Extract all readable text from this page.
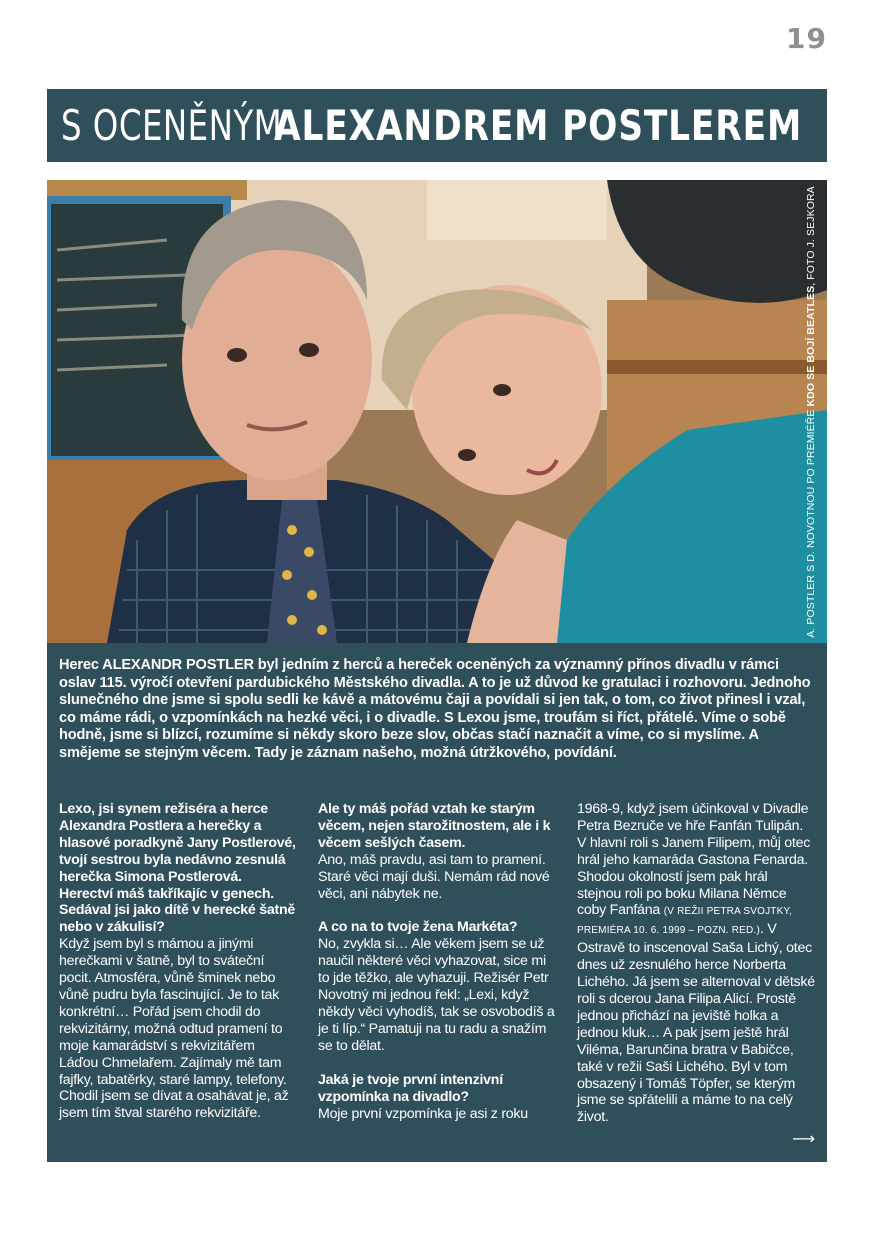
19
S OCENĚNÝM
ALEXANDREM POSTLEREM
A. POSTLER S D. NOVOTNOU PO PREMIÉŘE KDO SE BOJÍ BEATLES, FOTO J. SEJKORA

Herec ALEXANDR POSTLER byl jedním z herců a hereček oceněných za významný přínos divadlu v rámci oslav 115. výročí otevření pardubického Městského divadla. A to je už důvod ke gratulaci i rozhovoru. Jednoho slunečného dne jsme si spolu sedli ke kávě a mátovému čaji a povídali si jen tak, o tom, co život přinesl i vzal, co máme rádi, o vzpomínkách na hezké věci, i o divadle. S Lexou jsme, troufám si říct, přátelé. Víme o sobě hodně, jsme si blízcí, rozumíme si někdy skoro beze slov, občas stačí naznačit a víme, co si myslíme. A smějeme se stejným věcem. Tady je záznam našeho, možná útržkového, povídání.

Lexo, jsi synem režiséra a herce Alexandra Postlera a herečky a hlasové poradkyně Jany Postlerové, tvojí sestrou byla nedávno zesnulá herečka Simona Postlerová. Herectví máš takříkajíc v genech. Sedával jsi jako dítě v herecké šatně nebo v zákulisí?

Když jsem byl s mámou a jinými herečkami v šatně, byl to sváteční pocit. Atmosféra, vůně šminek nebo vůně pudru byla fascinující. Je to tak konkrétní… Pořád jsem chodil do rekvizitárny, možná odtud pramení to moje kamarádství s rekvizitářem Láďou Chmelařem. Zajímaly mě tam fajfky, tabatěrky, staré lampy, telefony. Chodil jsem se dívat a osahávat je, až jsem tím štval starého rekvizitáře.

Ale ty máš pořád vztah ke starým věcem, nejen starožitnostem, ale i k věcem sešlých časem.

Ano, máš pravdu, asi tam to pramení. Staré věci mají duši. Nemám rád nové věci, ani nábytek ne.

A co na to tvoje žena Markéta?

No, zvykla si… Ale věkem jsem se už naučil některé věci vyhazovat, sice mi to jde těžko, ale vyhazuji. Režisér Petr Novotný mi jednou řekl: „Lexi, když někdy věci vyhodíš, tak se osvobodíš a je ti líp.“ Pamatuji na tu radu a snažím se to dělat.

Jaká je tvoje první intenzivní vzpomínka na divadlo?

Moje první vzpomínka je asi z roku

1968-9, když jsem účinkoval v Divadle Petra Bezruče ve hře Fanfán Tulipán. V hlavní roli s Janem Filipem, můj otec hrál jeho kamaráda Gastona Fenarda. Shodou okolností jsem pak hrál stejnou roli po boku Milana Němce coby Fanfána (V REŽII PETRA SVOJTKY, PREMIÉRA 10. 6. 1999 – POZN. RED.). V Ostravě to inscenoval Saša Lichý, otec dnes už zesnulého herce Norberta Lichého. Já jsem se alternoval v dětské roli s dcerou Jana Filipa Alicí. Prostě jednou přichází na jeviště holka a jednou kluk… A pak jsem ještě hrál Viléma, Barunčina bratra v Babičce, také v režii Saši Lichého. Byl v tom obsazený i Tomáš Töpfer, se kterým jsme se spřátelili a máme to na celý život.

⟶
